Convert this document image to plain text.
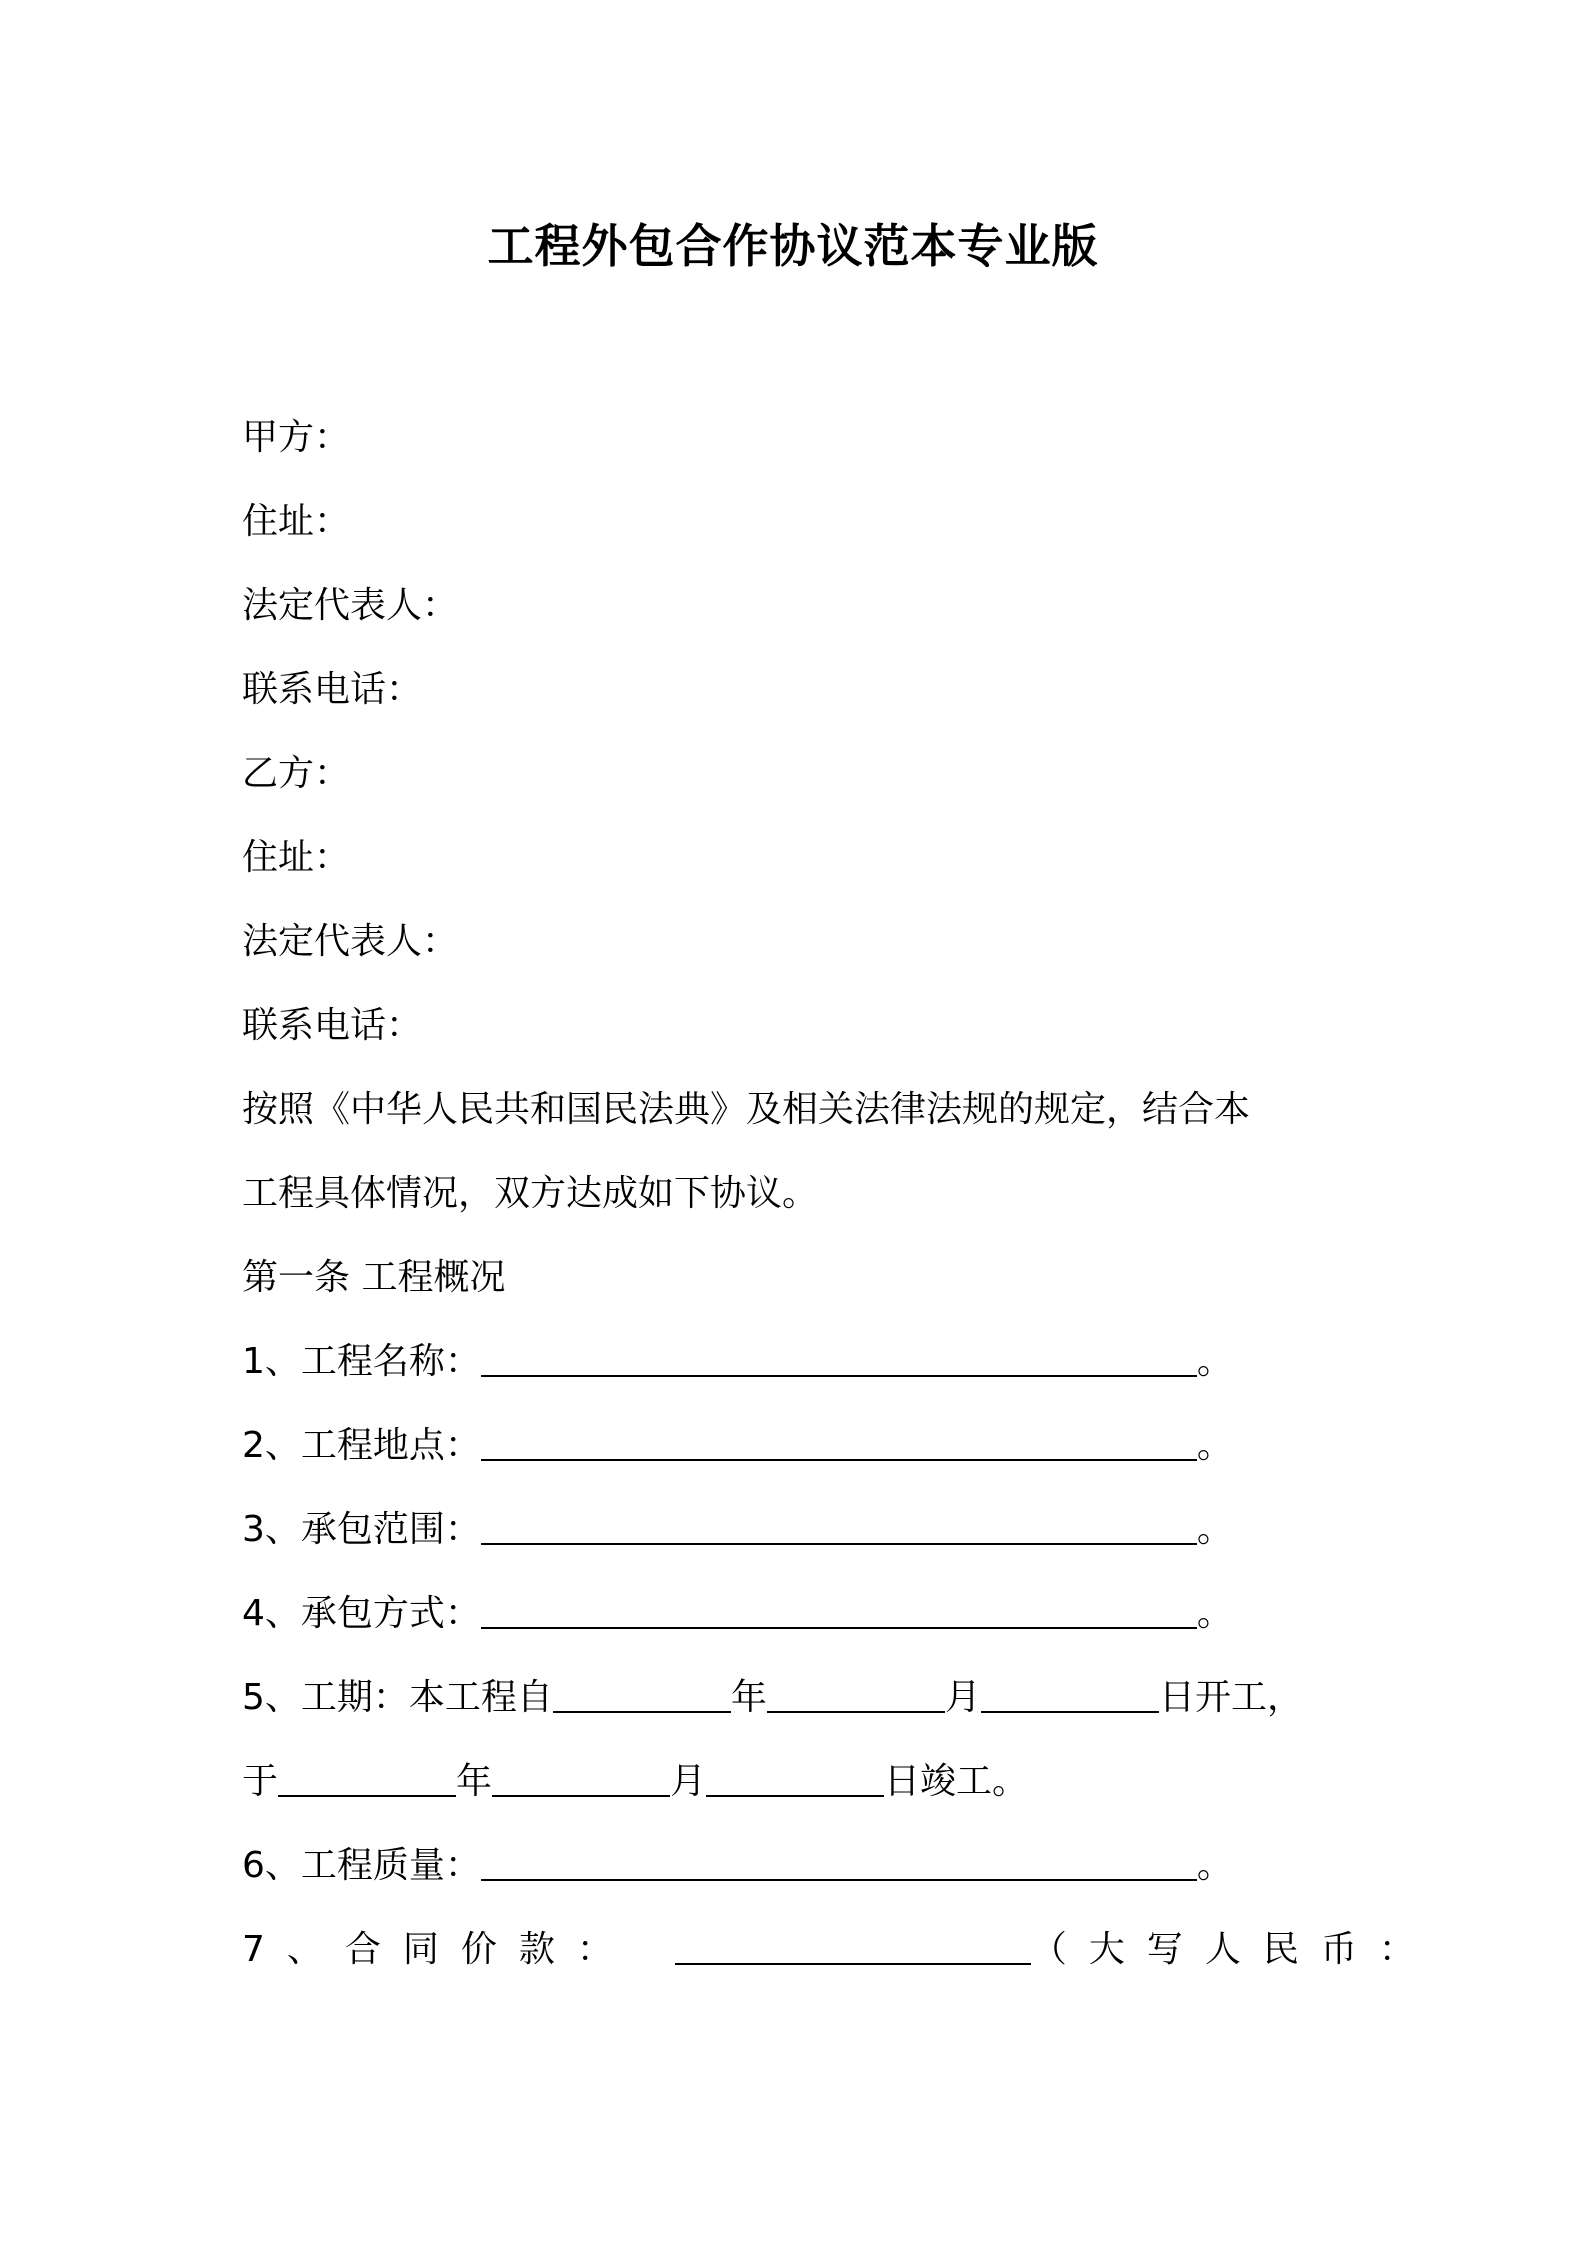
工程外包合作协议范本专业版
甲方：
住址：
法定代表人：
联系电话：
乙方：
住址：
法定代表人：
联系电话：
按照《中华人民共和国民法典》及相关法律法规的规定，结合本
工程具体情况，双方达成如下协议。
第一条 工程概况
1、工程名称：	。
2、工程地点：	。
3、承包范围：	。
4、承包方式：	。
5、工期：本工程自	年	月	日开工，
于	年	月	日竣工。
6、工程质量：	。
7、合同价款：	（大写人民币：
